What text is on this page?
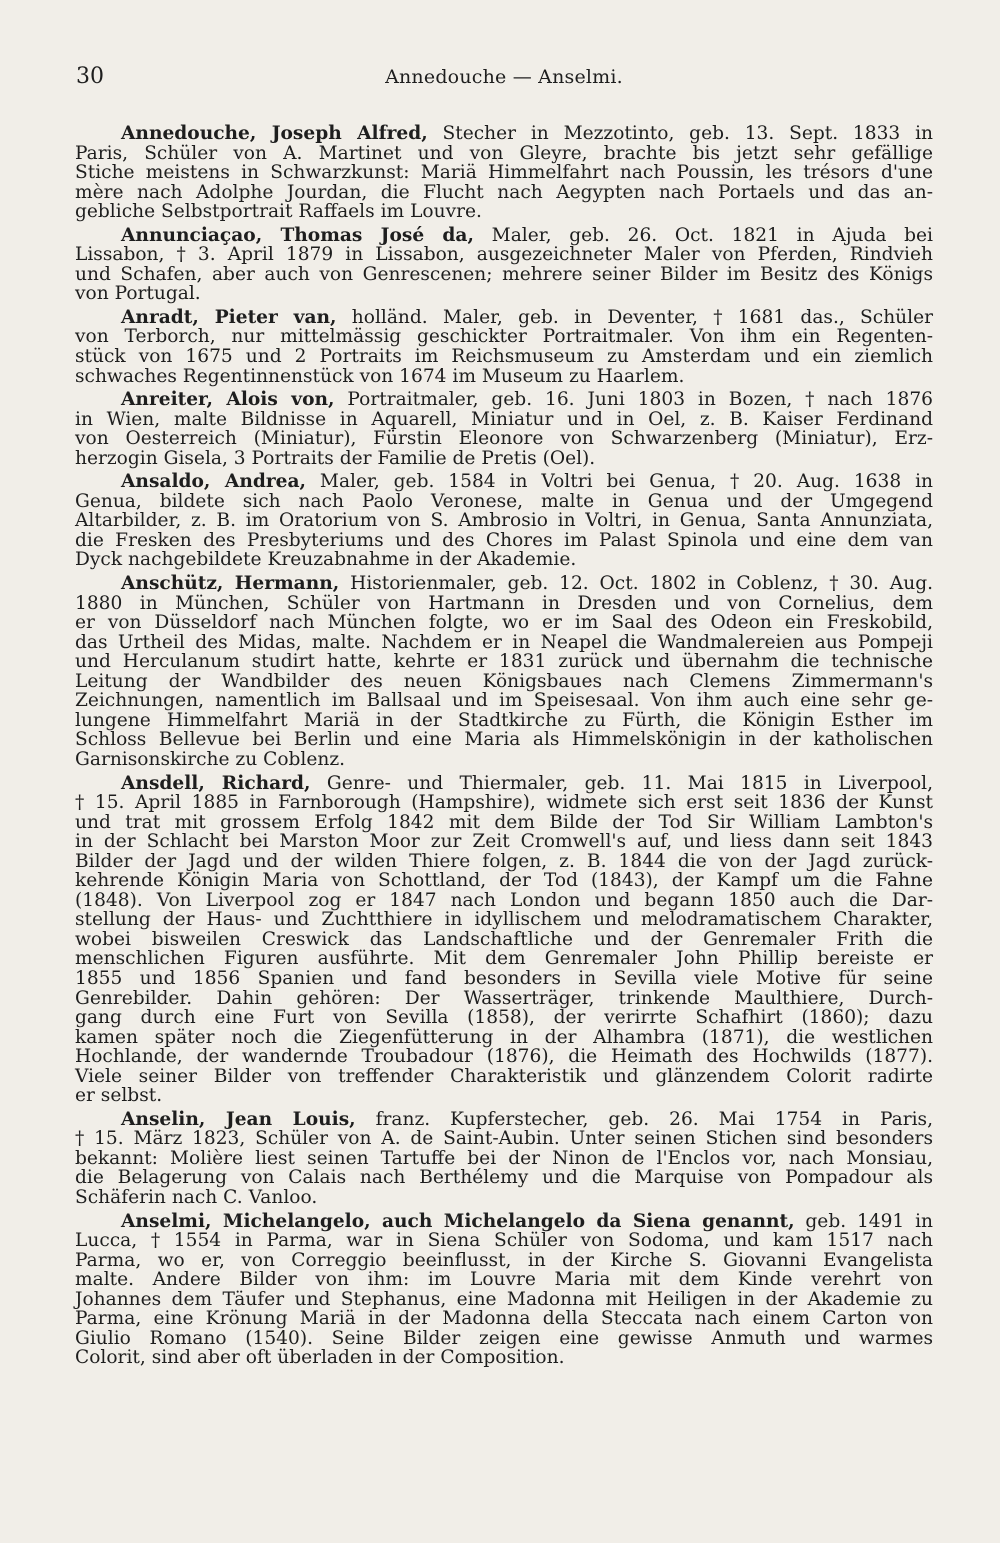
30	Annedouche — Anselmi.
Annedouche, Joseph Alfred, Stecher in Mezzotinto, geb. 13. Sept. 1833 in
Paris, Schüler von A. Martinet und von Gleyre, brachte bis jetzt sehr gefällige
Stiche meistens in Schwarzkunst: Mariä Himmelfahrt nach Poussin, les trésors d'une
mère nach Adolphe Jourdan, die Flucht nach Aegypten nach Portaels und das an-
gebliche Selbstportrait Raffaels im Louvre.
Annunciaçao, Thomas José da, Maler, geb. 26. Oct. 1821 in Ajuda bei
Lissabon, † 3. April 1879 in Lissabon, ausgezeichneter Maler von Pferden, Rindvieh
und Schafen, aber auch von Genrescenen; mehrere seiner Bilder im Besitz des Königs
von Portugal.
Anradt, Pieter van, holländ. Maler, geb. in Deventer, † 1681 das., Schüler
von Terborch, nur mittelmässig geschickter Portraitmaler. Von ihm ein Regenten-
stück von 1675 und 2 Portraits im Reichsmuseum zu Amsterdam und ein ziemlich
schwaches Regentinnenstück von 1674 im Museum zu Haarlem.
Anreiter, Alois von, Portraitmaler, geb. 16. Juni 1803 in Bozen, † nach 1876
in Wien, malte Bildnisse in Aquarell, Miniatur und in Oel, z. B. Kaiser Ferdinand
von Oesterreich (Miniatur), Fürstin Eleonore von Schwarzenberg (Miniatur), Erz-
herzogin Gisela, 3 Portraits der Familie de Pretis (Oel).
Ansaldo, Andrea, Maler, geb. 1584 in Voltri bei Genua, † 20. Aug. 1638 in
Genua, bildete sich nach Paolo Veronese, malte in Genua und der Umgegend
Altarbilder, z. B. im Oratorium von S. Ambrosio in Voltri, in Genua, Santa Annunziata,
die Fresken des Presbyteriums und des Chores im Palast Spinola und eine dem van
Dyck nachgebildete Kreuzabnahme in der Akademie.
Anschütz, Hermann, Historienmaler, geb. 12. Oct. 1802 in Coblenz, † 30. Aug.
1880 in München, Schüler von Hartmann in Dresden und von Cornelius, dem
er von Düsseldorf nach München folgte, wo er im Saal des Odeon ein Freskobild,
das Urtheil des Midas, malte. Nachdem er in Neapel die Wandmalereien aus Pompeji
und Herculanum studirt hatte, kehrte er 1831 zurück und übernahm die technische
Leitung der Wandbilder des neuen Königsbaues nach Clemens Zimmermann's
Zeichnungen, namentlich im Ballsaal und im Speisesaal. Von ihm auch eine sehr ge-
lungene Himmelfahrt Mariä in der Stadtkirche zu Fürth, die Königin Esther im
Schloss Bellevue bei Berlin und eine Maria als Himmelskönigin in der katholischen
Garnisonskirche zu Coblenz.
Ansdell, Richard, Genre- und Thiermaler, geb. 11. Mai 1815 in Liverpool,
† 15. April 1885 in Farnborough (Hampshire), widmete sich erst seit 1836 der Kunst
und trat mit grossem Erfolg 1842 mit dem Bilde der Tod Sir William Lambton's
in der Schlacht bei Marston Moor zur Zeit Cromwell's auf, und liess dann seit 1843
Bilder der Jagd und der wilden Thiere folgen, z. B. 1844 die von der Jagd zurück-
kehrende Königin Maria von Schottland, der Tod (1843), der Kampf um die Fahne
(1848). Von Liverpool zog er 1847 nach London und begann 1850 auch die Dar-
stellung der Haus- und Zuchtthiere in idyllischem und melodramatischem Charakter,
wobei bisweilen Creswick das Landschaftliche und der Genremaler Frith die
menschlichen Figuren ausführte. Mit dem Genremaler John Phillip bereiste er
1855 und 1856 Spanien und fand besonders in Sevilla viele Motive für seine
Genrebilder. Dahin gehören: Der Wasserträger, trinkende Maulthiere, Durch-
gang durch eine Furt von Sevilla (1858), der verirrte Schafhirt (1860); dazu
kamen später noch die Ziegenfütterung in der Alhambra (1871), die westlichen
Hochlande, der wandernde Troubadour (1876), die Heimath des Hochwilds (1877).
Viele seiner Bilder von treffender Charakteristik und glänzendem Colorit radirte
er selbst.
Anselin, Jean Louis, franz. Kupferstecher, geb. 26. Mai 1754 in Paris,
† 15. März 1823, Schüler von A. de Saint-Aubin. Unter seinen Stichen sind besonders
bekannt: Molière liest seinen Tartuffe bei der Ninon de l'Enclos vor, nach Monsiau,
die Belagerung von Calais nach Berthélemy und die Marquise von Pompadour als
Schäferin nach C. Vanloo.
Anselmi, Michelangelo, auch Michelangelo da Siena genannt, geb. 1491 in
Lucca, † 1554 in Parma, war in Siena Schüler von Sodoma, und kam 1517 nach
Parma, wo er, von Correggio beeinflusst, in der Kirche S. Giovanni Evangelista
malte. Andere Bilder von ihm: im Louvre Maria mit dem Kinde verehrt von
Johannes dem Täufer und Stephanus, eine Madonna mit Heiligen in der Akademie zu
Parma, eine Krönung Mariä in der Madonna della Steccata nach einem Carton von
Giulio Romano (1540). Seine Bilder zeigen eine gewisse Anmuth und warmes
Colorit, sind aber oft überladen in der Composition.
